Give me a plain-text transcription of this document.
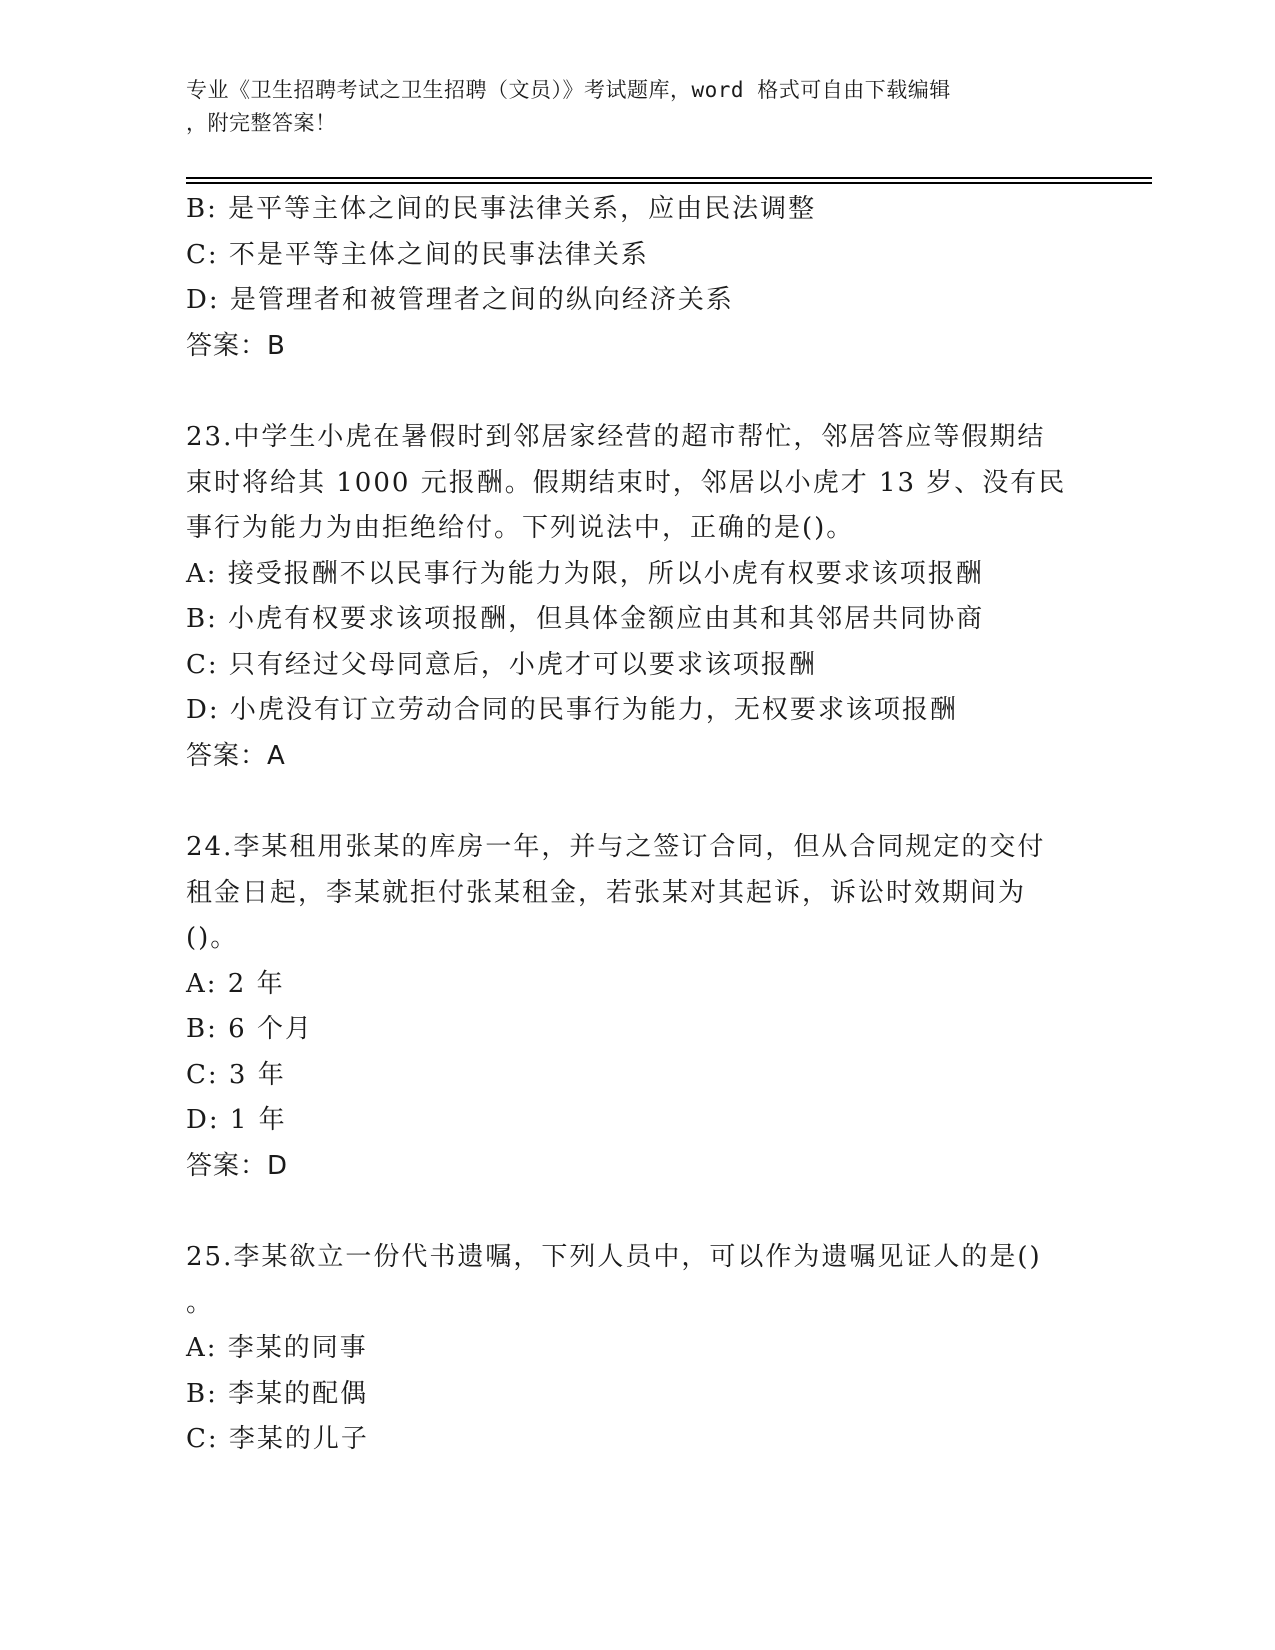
专业《卫生招聘考试之卫生招聘（文员）》考试题库，word 格式可自由下载编辑
，附完整答案！

B: 是平等主体之间的民事法律关系，应由民法调整

C: 不是平等主体之间的民事法律关系

D: 是管理者和被管理者之间的纵向经济关系

答案：B

23.中学生小虎在暑假时到邻居家经营的超市帮忙，邻居答应等假期结

束时将给其 1000 元报酬。假期结束时，邻居以小虎才 13 岁、没有民

事行为能力为由拒绝给付。下列说法中，正确的是()。

A: 接受报酬不以民事行为能力为限，所以小虎有权要求该项报酬

B: 小虎有权要求该项报酬，但具体金额应由其和其邻居共同协商

C: 只有经过父母同意后，小虎才可以要求该项报酬

D: 小虎没有订立劳动合同的民事行为能力，无权要求该项报酬

答案：A

24.李某租用张某的库房一年，并与之签订合同，但从合同规定的交付

租金日起，李某就拒付张某租金，若张某对其起诉，诉讼时效期间为

()。

A: 2 年

B: 6 个月

C: 3 年

D: 1 年

答案：D

25.李某欲立一份代书遗嘱，下列人员中，可以作为遗嘱见证人的是()

。

A: 李某的同事

B: 李某的配偶

C: 李某的儿子
